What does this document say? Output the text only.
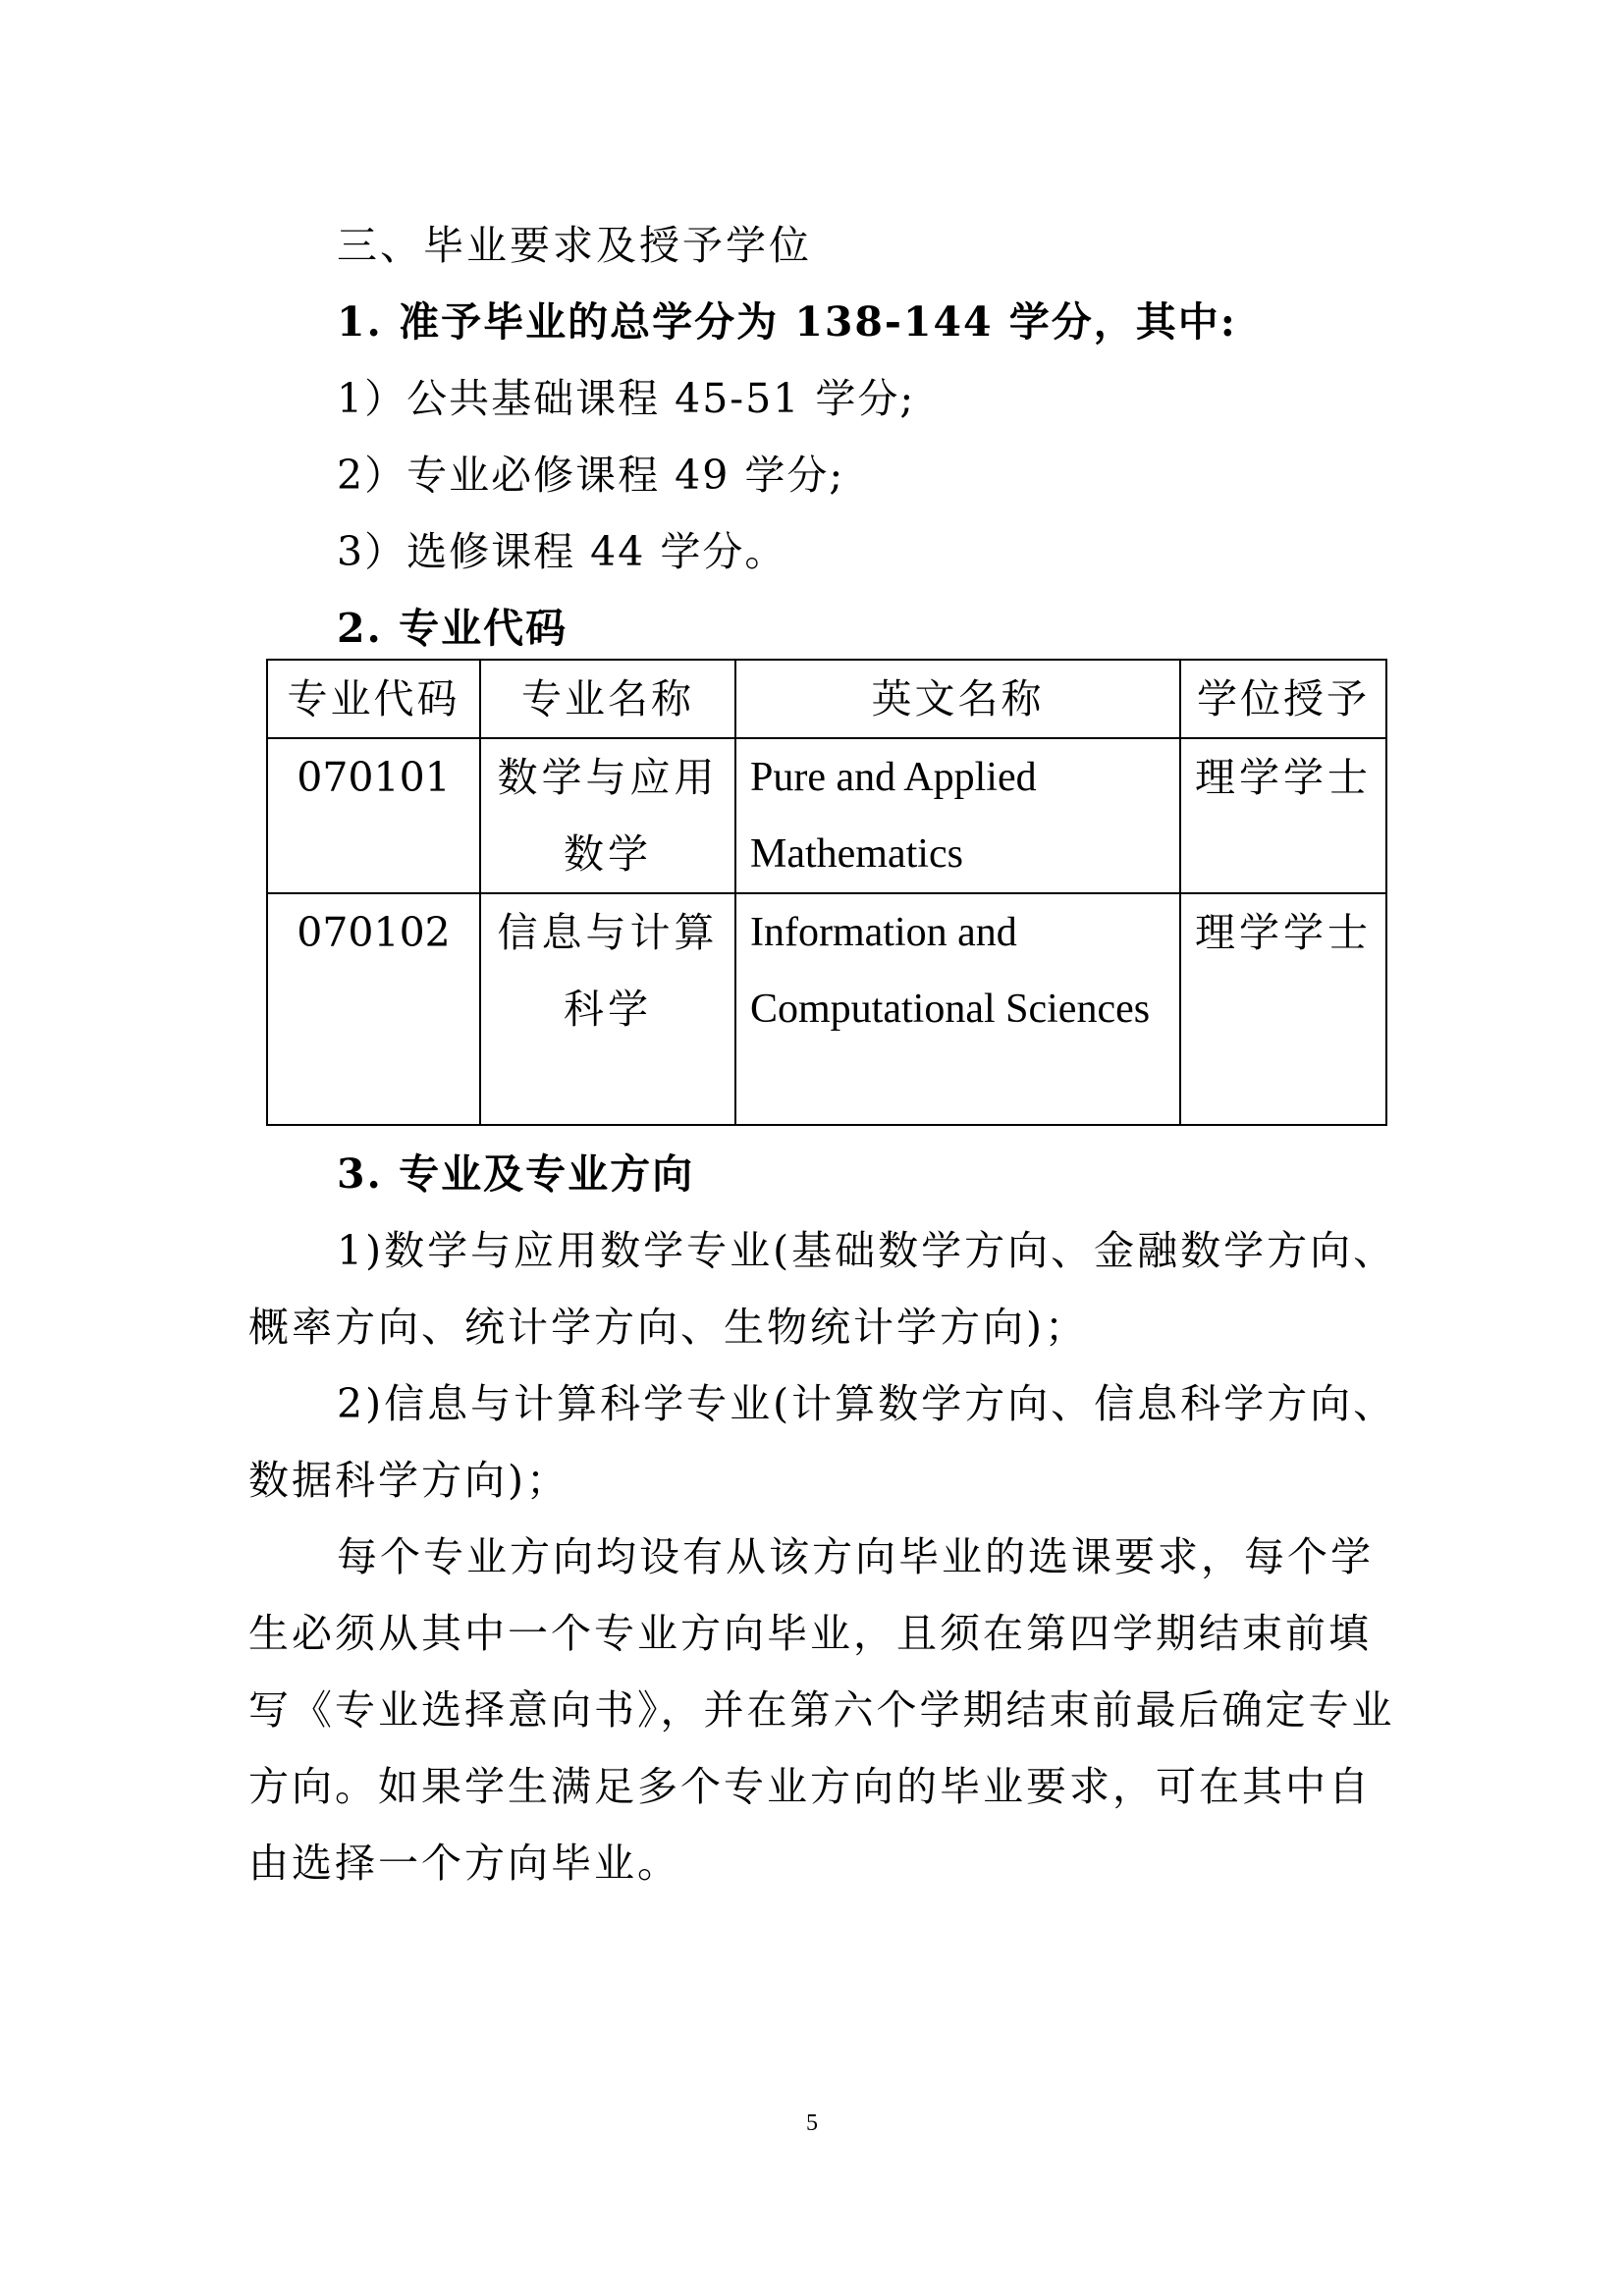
三、毕业要求及授予学位
1. 准予毕业的总学分为 138-144 学分，其中:
1）公共基础课程 45-51 学分;
2）专业必修课程 49 学分;
3）选修课程 44 学分。
2. 专业代码
专业代码	专业名称	英文名称	学位授予
070101	数学与应用数学	Pure and Applied Mathematics	理学学士
070102	信息与计算科学	Information and Computational Sciences	理学学士
3. 专业及专业方向
1)数学与应用数学专业(基础数学方向、金融数学方向、
概率方向、统计学方向、生物统计学方向)；
2)信息与计算科学专业(计算数学方向、信息科学方向、
数据科学方向)；
每个专业方向均设有从该方向毕业的选课要求，每个学
生必须从其中一个专业方向毕业，且须在第四学期结束前填
写《专业选择意向书》，并在第六个学期结束前最后确定专业
方向。如果学生满足多个专业方向的毕业要求，可在其中自
由选择一个方向毕业。
5
